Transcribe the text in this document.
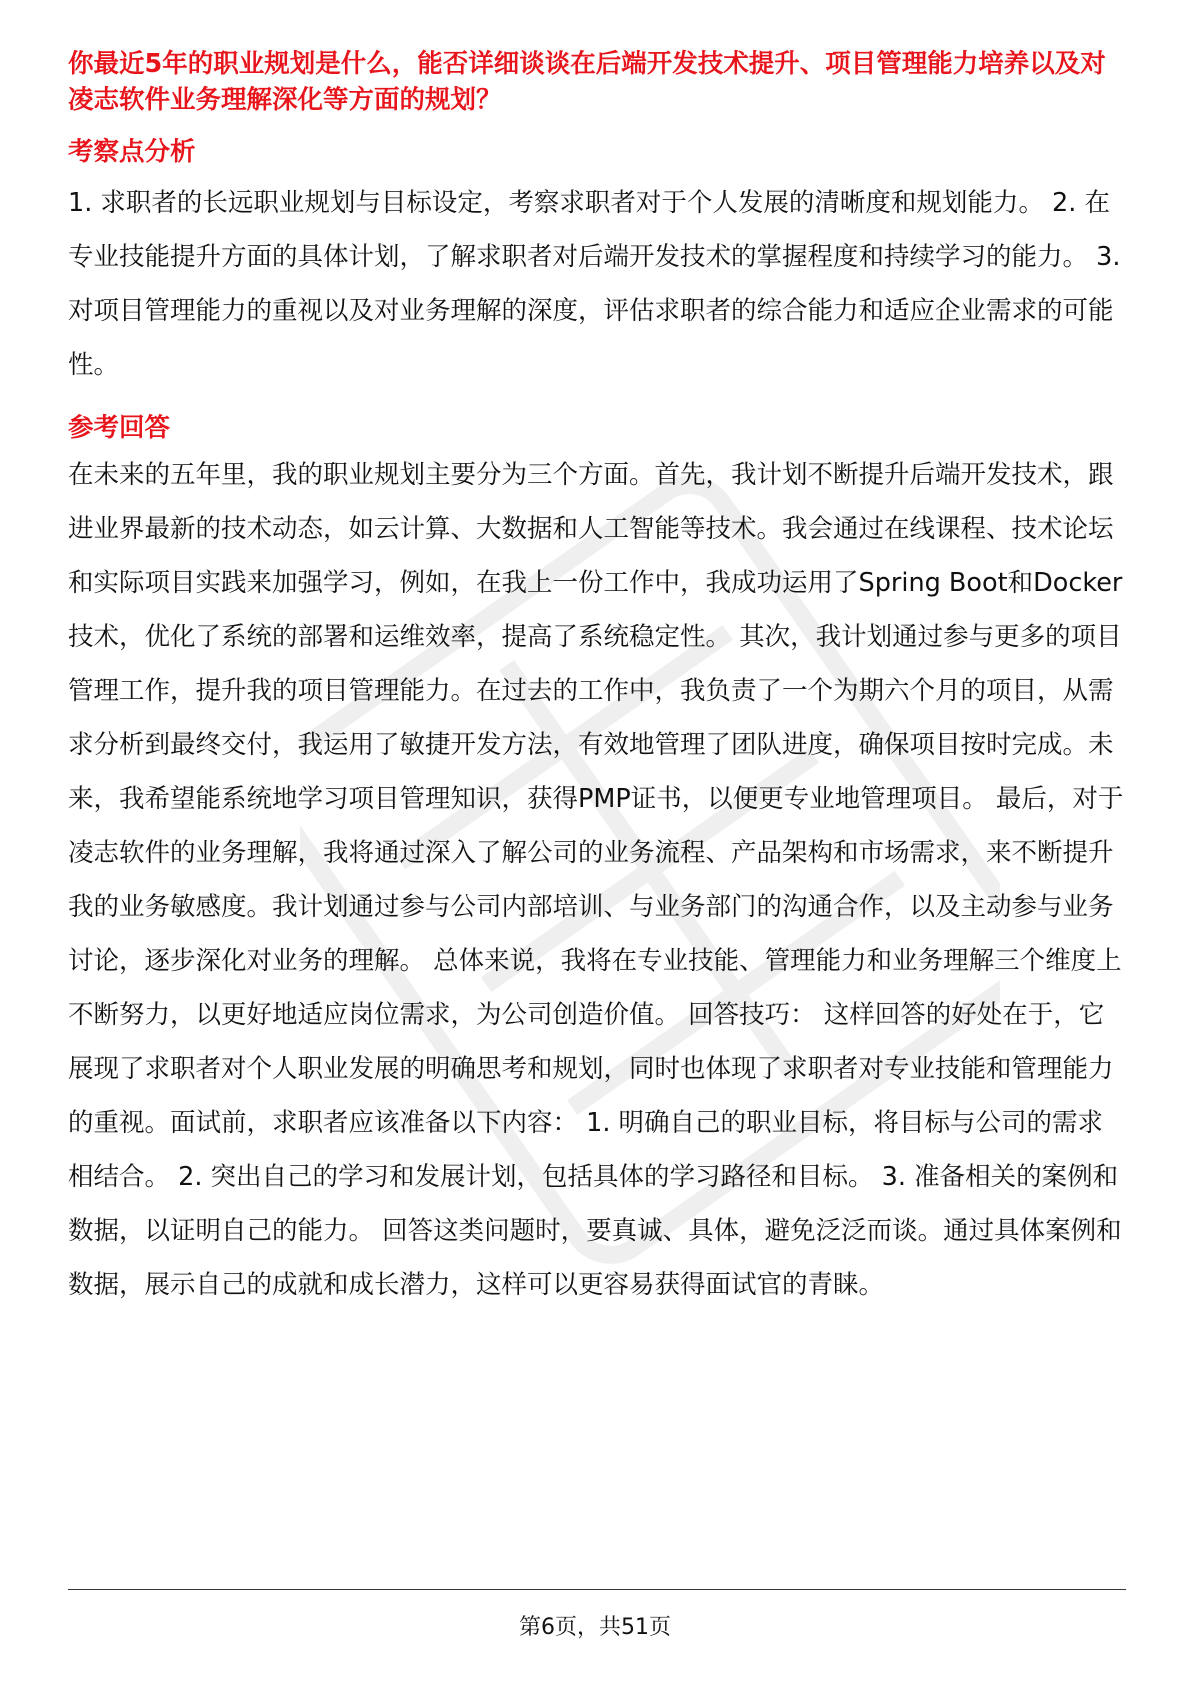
你最近5年的职业规划是什么，能否详细谈谈在后端开发技术提升、项目管理能力培养以及对凌志软件业务理解深化等方面的规划？

考察点分析

1. 求职者的长远职业规划与目标设定，考察求职者对于个人发展的清晰度和规划能力。 2. 在专业技能提升方面的具体计划，了解求职者对后端开发技术的掌握程度和持续学习的能力。 3. 对项目管理能力的重视以及对业务理解的深度，评估求职者的综合能力和适应企业需求的可能性。

参考回答

在未来的五年里，我的职业规划主要分为三个方面。首先，我计划不断提升后端开发技术，跟进业界最新的技术动态，如云计算、大数据和人工智能等技术。我会通过在线课程、技术论坛和实际项目实践来加强学习，例如，在我上一份工作中，我成功运用了Spring Boot和Docker技术，优化了系统的部署和运维效率，提高了系统稳定性。 其次，我计划通过参与更多的项目管理工作，提升我的项目管理能力。在过去的工作中，我负责了一个为期六个月的项目，从需求分析到最终交付，我运用了敏捷开发方法，有效地管理了团队进度，确保项目按时完成。未来，我希望能系统地学习项目管理知识，获得PMP证书，以便更专业地管理项目。 最后，对于凌志软件的业务理解，我将通过深入了解公司的业务流程、产品架构和市场需求，来不断提升我的业务敏感度。我计划通过参与公司内部培训、与业务部门的沟通合作，以及主动参与业务讨论，逐步深化对业务的理解。 总体来说，我将在专业技能、管理能力和业务理解三个维度上不断努力，以更好地适应岗位需求，为公司创造价值。 回答技巧： 这样回答的好处在于，它展现了求职者对个人职业发展的明确思考和规划，同时也体现了求职者对专业技能和管理能力的重视。面试前，求职者应该准备以下内容： 1. 明确自己的职业目标，将目标与公司的需求相结合。 2. 突出自己的学习和发展计划，包括具体的学习路径和目标。 3. 准备相关的案例和数据，以证明自己的能力。 回答这类问题时，要真诚、具体，避免泛泛而谈。通过具体案例和数据，展示自己的成就和成长潜力，这样可以更容易获得面试官的青睐。

第6页，共51页
